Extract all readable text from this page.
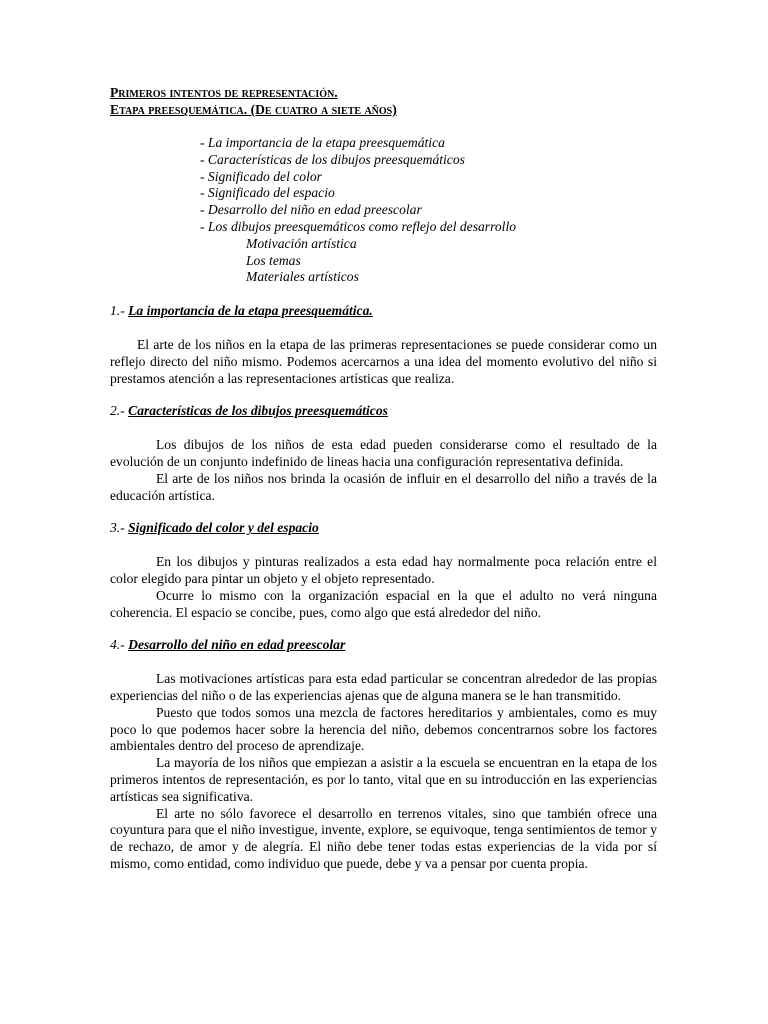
Primeros intentos de representación.
Etapa preesquemática. (De cuatro a siete años)
- La importancia de la etapa preesquemática
- Características de los dibujos preesquemáticos
- Significado del color
- Significado del espacio
- Desarrollo del niño en edad preescolar
- Los dibujos preesquemáticos como reflejo del desarrollo
Motivación artística
Los temas
Materiales artísticos
1.- La importancia de la etapa preesquemática.

El arte de los niños en la etapa de las primeras representaciones se puede considerar como un reflejo directo del niño mismo. Podemos acercarnos a una idea del momento evolutivo del niño si prestamos atención a las representaciones artísticas que realiza.

2.- Características de los dibujos preesquemáticos

Los dibujos de los niños de esta edad pueden considerarse como el resultado de la evolución de un conjunto indefinido de lineas hacia una configuración representativa definida.

El arte de los niños nos brinda la ocasión de influir en el desarrollo del niño a través de la educación artística.

3.- Significado del color y del espacio

En los dibujos y pinturas realizados a esta edad hay normalmente poca relación entre el color elegido para pintar un objeto y el objeto representado.

Ocurre lo mismo con la organización espacial en la que el adulto no verá ninguna coherencia. El espacio se concibe, pues, como algo que está alrededor del niño.

4.- Desarrollo del niño en edad preescolar

Las motivaciones artísticas para esta edad particular se concentran alrededor de las propias experiencias del niño o de las experiencias ajenas que de alguna manera se le han transmitido.

Puesto que todos somos una mezcla de factores hereditarios y ambientales, como es muy poco lo que podemos hacer sobre la herencia del niño, debemos concentrarnos sobre los factores ambientales dentro del proceso de aprendizaje.

La mayoría de los niños que empiezan a asistir a la escuela se encuentran en la etapa de los primeros intentos de representación, es por lo tanto, vital que en su introducción en las experiencias artísticas sea significativa.

El arte no sólo favorece el desarrollo en terrenos vitales, sino que también ofrece una coyuntura para que el niño investigue, invente, explore, se equivoque, tenga sentimientos de temor y de rechazo, de amor y de alegría. El niño debe tener todas estas experiencias de la vida por sí mismo, como entidad, como individuo que puede, debe y va a pensar por cuenta propia.
